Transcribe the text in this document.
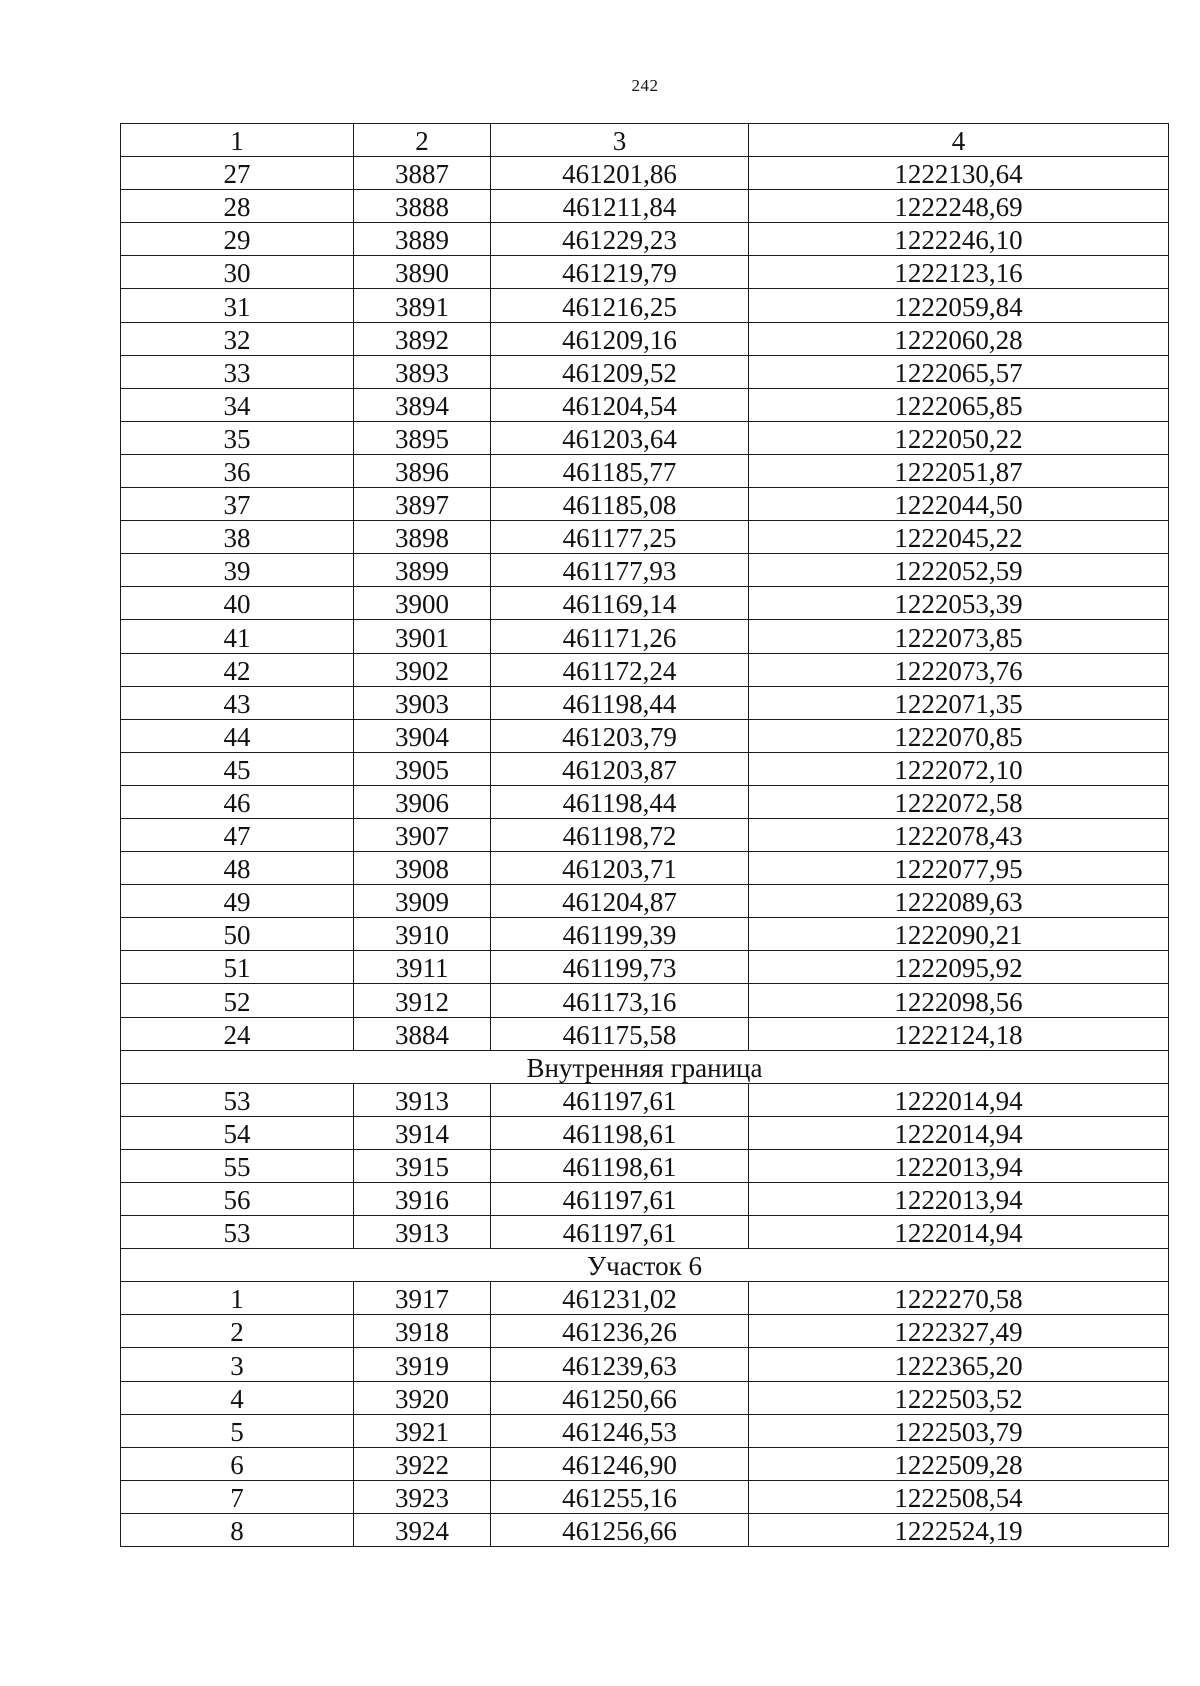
242
1	2	3	4
27	3887	461201,86	1222130,64
28	3888	461211,84	1222248,69
29	3889	461229,23	1222246,10
30	3890	461219,79	1222123,16
31	3891	461216,25	1222059,84
32	3892	461209,16	1222060,28
33	3893	461209,52	1222065,57
34	3894	461204,54	1222065,85
35	3895	461203,64	1222050,22
36	3896	461185,77	1222051,87
37	3897	461185,08	1222044,50
38	3898	461177,25	1222045,22
39	3899	461177,93	1222052,59
40	3900	461169,14	1222053,39
41	3901	461171,26	1222073,85
42	3902	461172,24	1222073,76
43	3903	461198,44	1222071,35
44	3904	461203,79	1222070,85
45	3905	461203,87	1222072,10
46	3906	461198,44	1222072,58
47	3907	461198,72	1222078,43
48	3908	461203,71	1222077,95
49	3909	461204,87	1222089,63
50	3910	461199,39	1222090,21
51	3911	461199,73	1222095,92
52	3912	461173,16	1222098,56
24	3884	461175,58	1222124,18
Внутренняя граница			
53	3913	461197,61	1222014,94
54	3914	461198,61	1222014,94
55	3915	461198,61	1222013,94
56	3916	461197,61	1222013,94
53	3913	461197,61	1222014,94
Участок 6			
1	3917	461231,02	1222270,58
2	3918	461236,26	1222327,49
3	3919	461239,63	1222365,20
4	3920	461250,66	1222503,52
5	3921	461246,53	1222503,79
6	3922	461246,90	1222509,28
7	3923	461255,16	1222508,54
8	3924	461256,66	1222524,19
